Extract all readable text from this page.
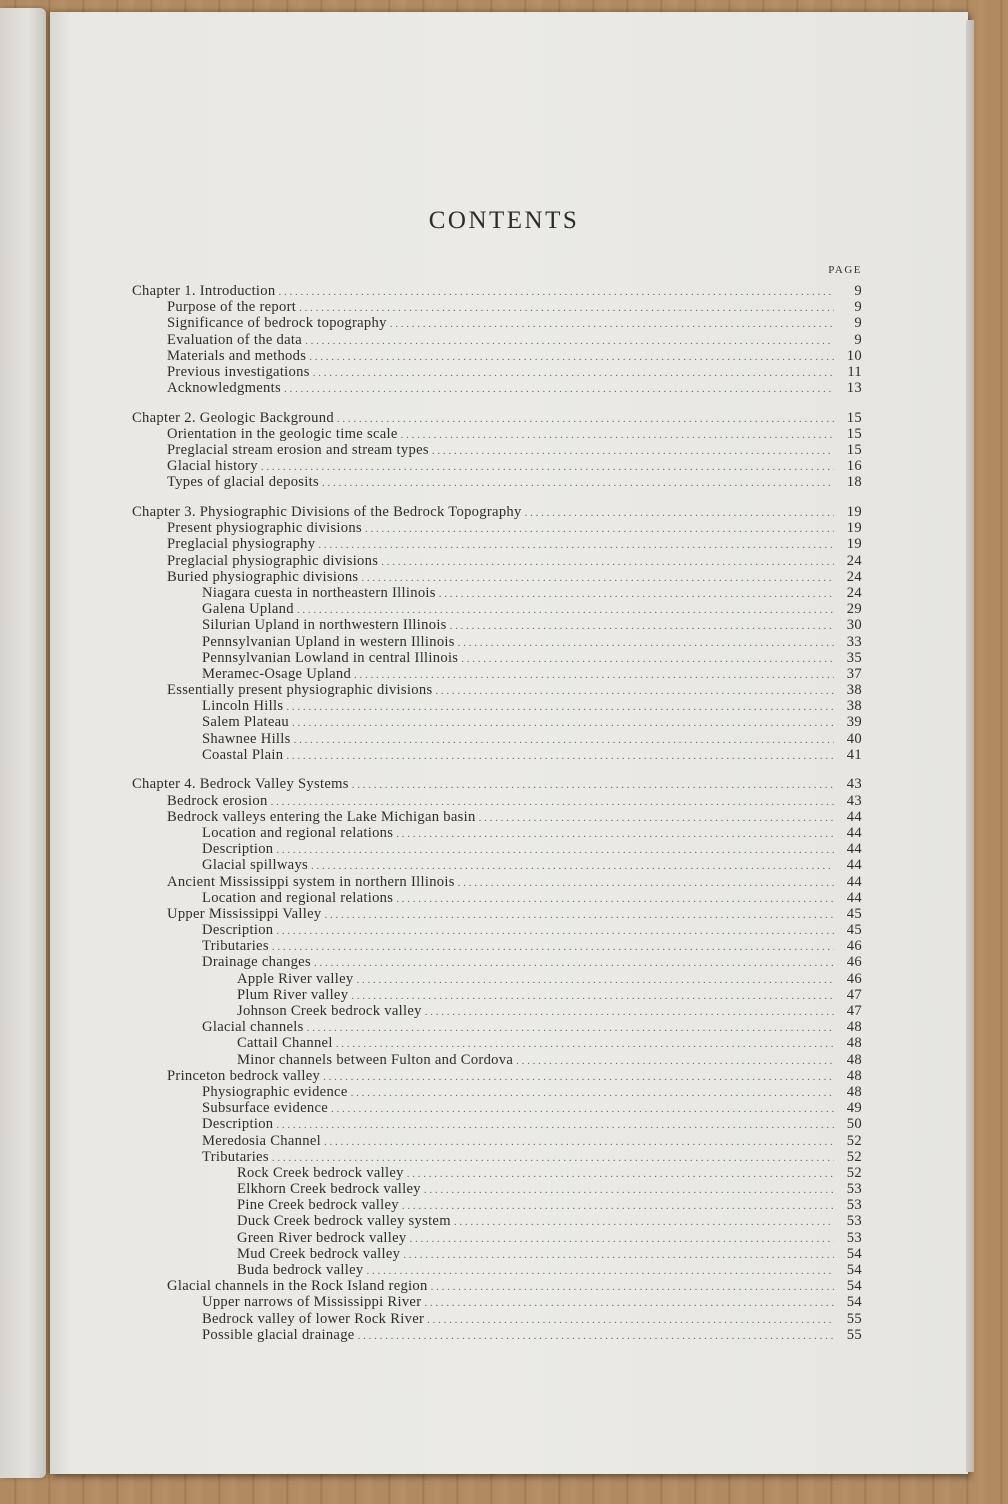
CONTENTS
PAGE
Chapter 1. Introduction . . .	9
Purpose of the report . . .	9
Significance of bedrock topography . . .	9
Evaluation of the data . . .	9
Materials and methods . . .	10
Previous investigations . . .	11
Acknowledgments . . .	13
Chapter 2. Geologic Background . . .	15
Orientation in the geologic time scale . . .	15
Preglacial stream erosion and stream types . . .	15
Glacial history . . .	16
Types of glacial deposits . . .	18
Chapter 3. Physiographic Divisions of the Bedrock Topography . . .	19
Present physiographic divisions . . .	19
Preglacial physiography . . .	19
Preglacial physiographic divisions . . .	24
Buried physiographic divisions . . .	24
Niagara cuesta in northeastern Illinois . . .	24
Galena Upland . . .	29
Silurian Upland in northwestern Illinois . . .	30
Pennsylvanian Upland in western Illinois . . .	33
Pennsylvanian Lowland in central Illinois . . .	35
Meramec-Osage Upland . . .	37
Essentially present physiographic divisions . . .	38
Lincoln Hills . . .	38
Salem Plateau . . .	39
Shawnee Hills . . .	40
Coastal Plain . . .	41
Chapter 4. Bedrock Valley Systems . . .	43
Bedrock erosion . . .	43
Bedrock valleys entering the Lake Michigan basin . . .	44
Location and regional relations . . .	44
Description . . .	44
Glacial spillways . . .	44
Ancient Mississippi system in northern Illinois . . .	44
Location and regional relations . . .	44
Upper Mississippi Valley . . .	45
Description . . .	45
Tributaries . . .	46
Drainage changes . . .	46
Apple River valley . . .	46
Plum River valley . . .	47
Johnson Creek bedrock valley . . .	47
Glacial channels . . .	48
Cattail Channel . . .	48
Minor channels between Fulton and Cordova . . .	48
Princeton bedrock valley . . .	48
Physiographic evidence . . .	48
Subsurface evidence . . .	49
Description . . .	50
Meredosia Channel . . .	52
Tributaries . . .	52
Rock Creek bedrock valley . . .	52
Elkhorn Creek bedrock valley . . .	53
Pine Creek bedrock valley . . .	53
Duck Creek bedrock valley system . . .	53
Green River bedrock valley . . .	53
Mud Creek bedrock valley . . .	54
Buda bedrock valley . . .	54
Glacial channels in the Rock Island region . . .	54
Upper narrows of Mississippi River . . .	54
Bedrock valley of lower Rock River . . .	55
Possible glacial drainage . . .	55
